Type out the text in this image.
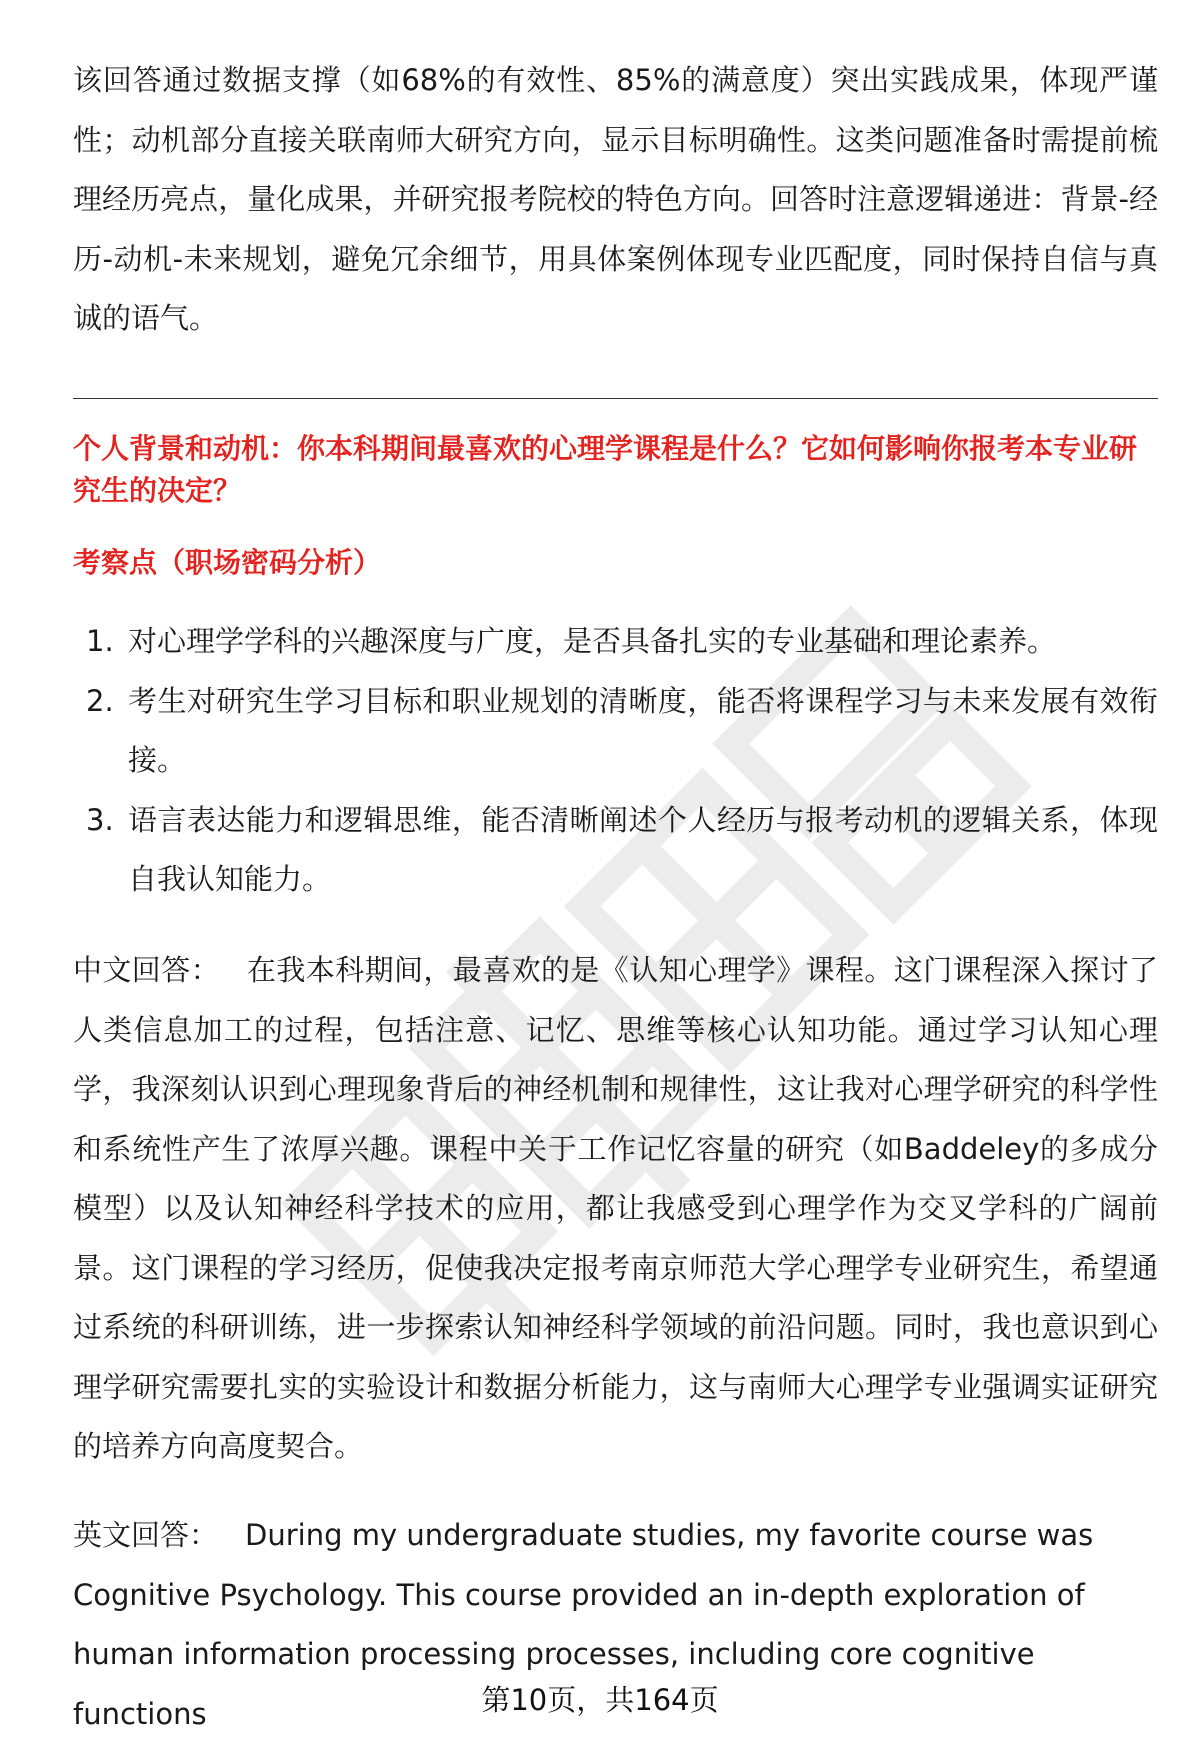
该回答通过数据支撑（如68%的有效性、85%的满意度）突出实践成果，体现严谨性；动机部分直接关联南师大研究方向，显示目标明确性。这类问题准备时需提前梳理经历亮点，量化成果，并研究报考院校的特色方向。回答时注意逻辑递进：背景-经历-动机-未来规划，避免冗余细节，用具体案例体现专业匹配度，同时保持自信与真诚的语气。

个人背景和动机：你本科期间最喜欢的心理学课程是什么？它如何影响你报考本专业研究生的决定？

考察点（职场密码分析）

1. 对心理学学科的兴趣深度与广度，是否具备扎实的专业基础和理论素养。
2. 考生对研究生学习目标和职业规划的清晰度，能否将课程学习与未来发展有效衔接。
3. 语言表达能力和逻辑思维，能否清晰阐述个人经历与报考动机的逻辑关系，体现自我认知能力。

中文回答： 在我本科期间，最喜欢的是《认知心理学》课程。这门课程深入探讨了人类信息加工的过程，包括注意、记忆、思维等核心认知功能。通过学习认知心理学，我深刻认识到心理现象背后的神经机制和规律性，这让我对心理学研究的科学性和系统性产生了浓厚兴趣。课程中关于工作记忆容量的研究（如Baddeley的多成分模型）以及认知神经科学技术的应用，都让我感受到心理学作为交叉学科的广阔前景。这门课程的学习经历，促使我决定报考南京师范大学心理学专业研究生，希望通过系统的科研训练，进一步探索认知神经科学领域的前沿问题。同时，我也意识到心理学研究需要扎实的实验设计和数据分析能力，这与南师大心理学专业强调实证研究的培养方向高度契合。

英文回答： During my undergraduate studies, my favorite course was Cognitive Psychology. This course provided an in-depth exploration of human information processing processes, including core cognitive functions	第10页，共164页
